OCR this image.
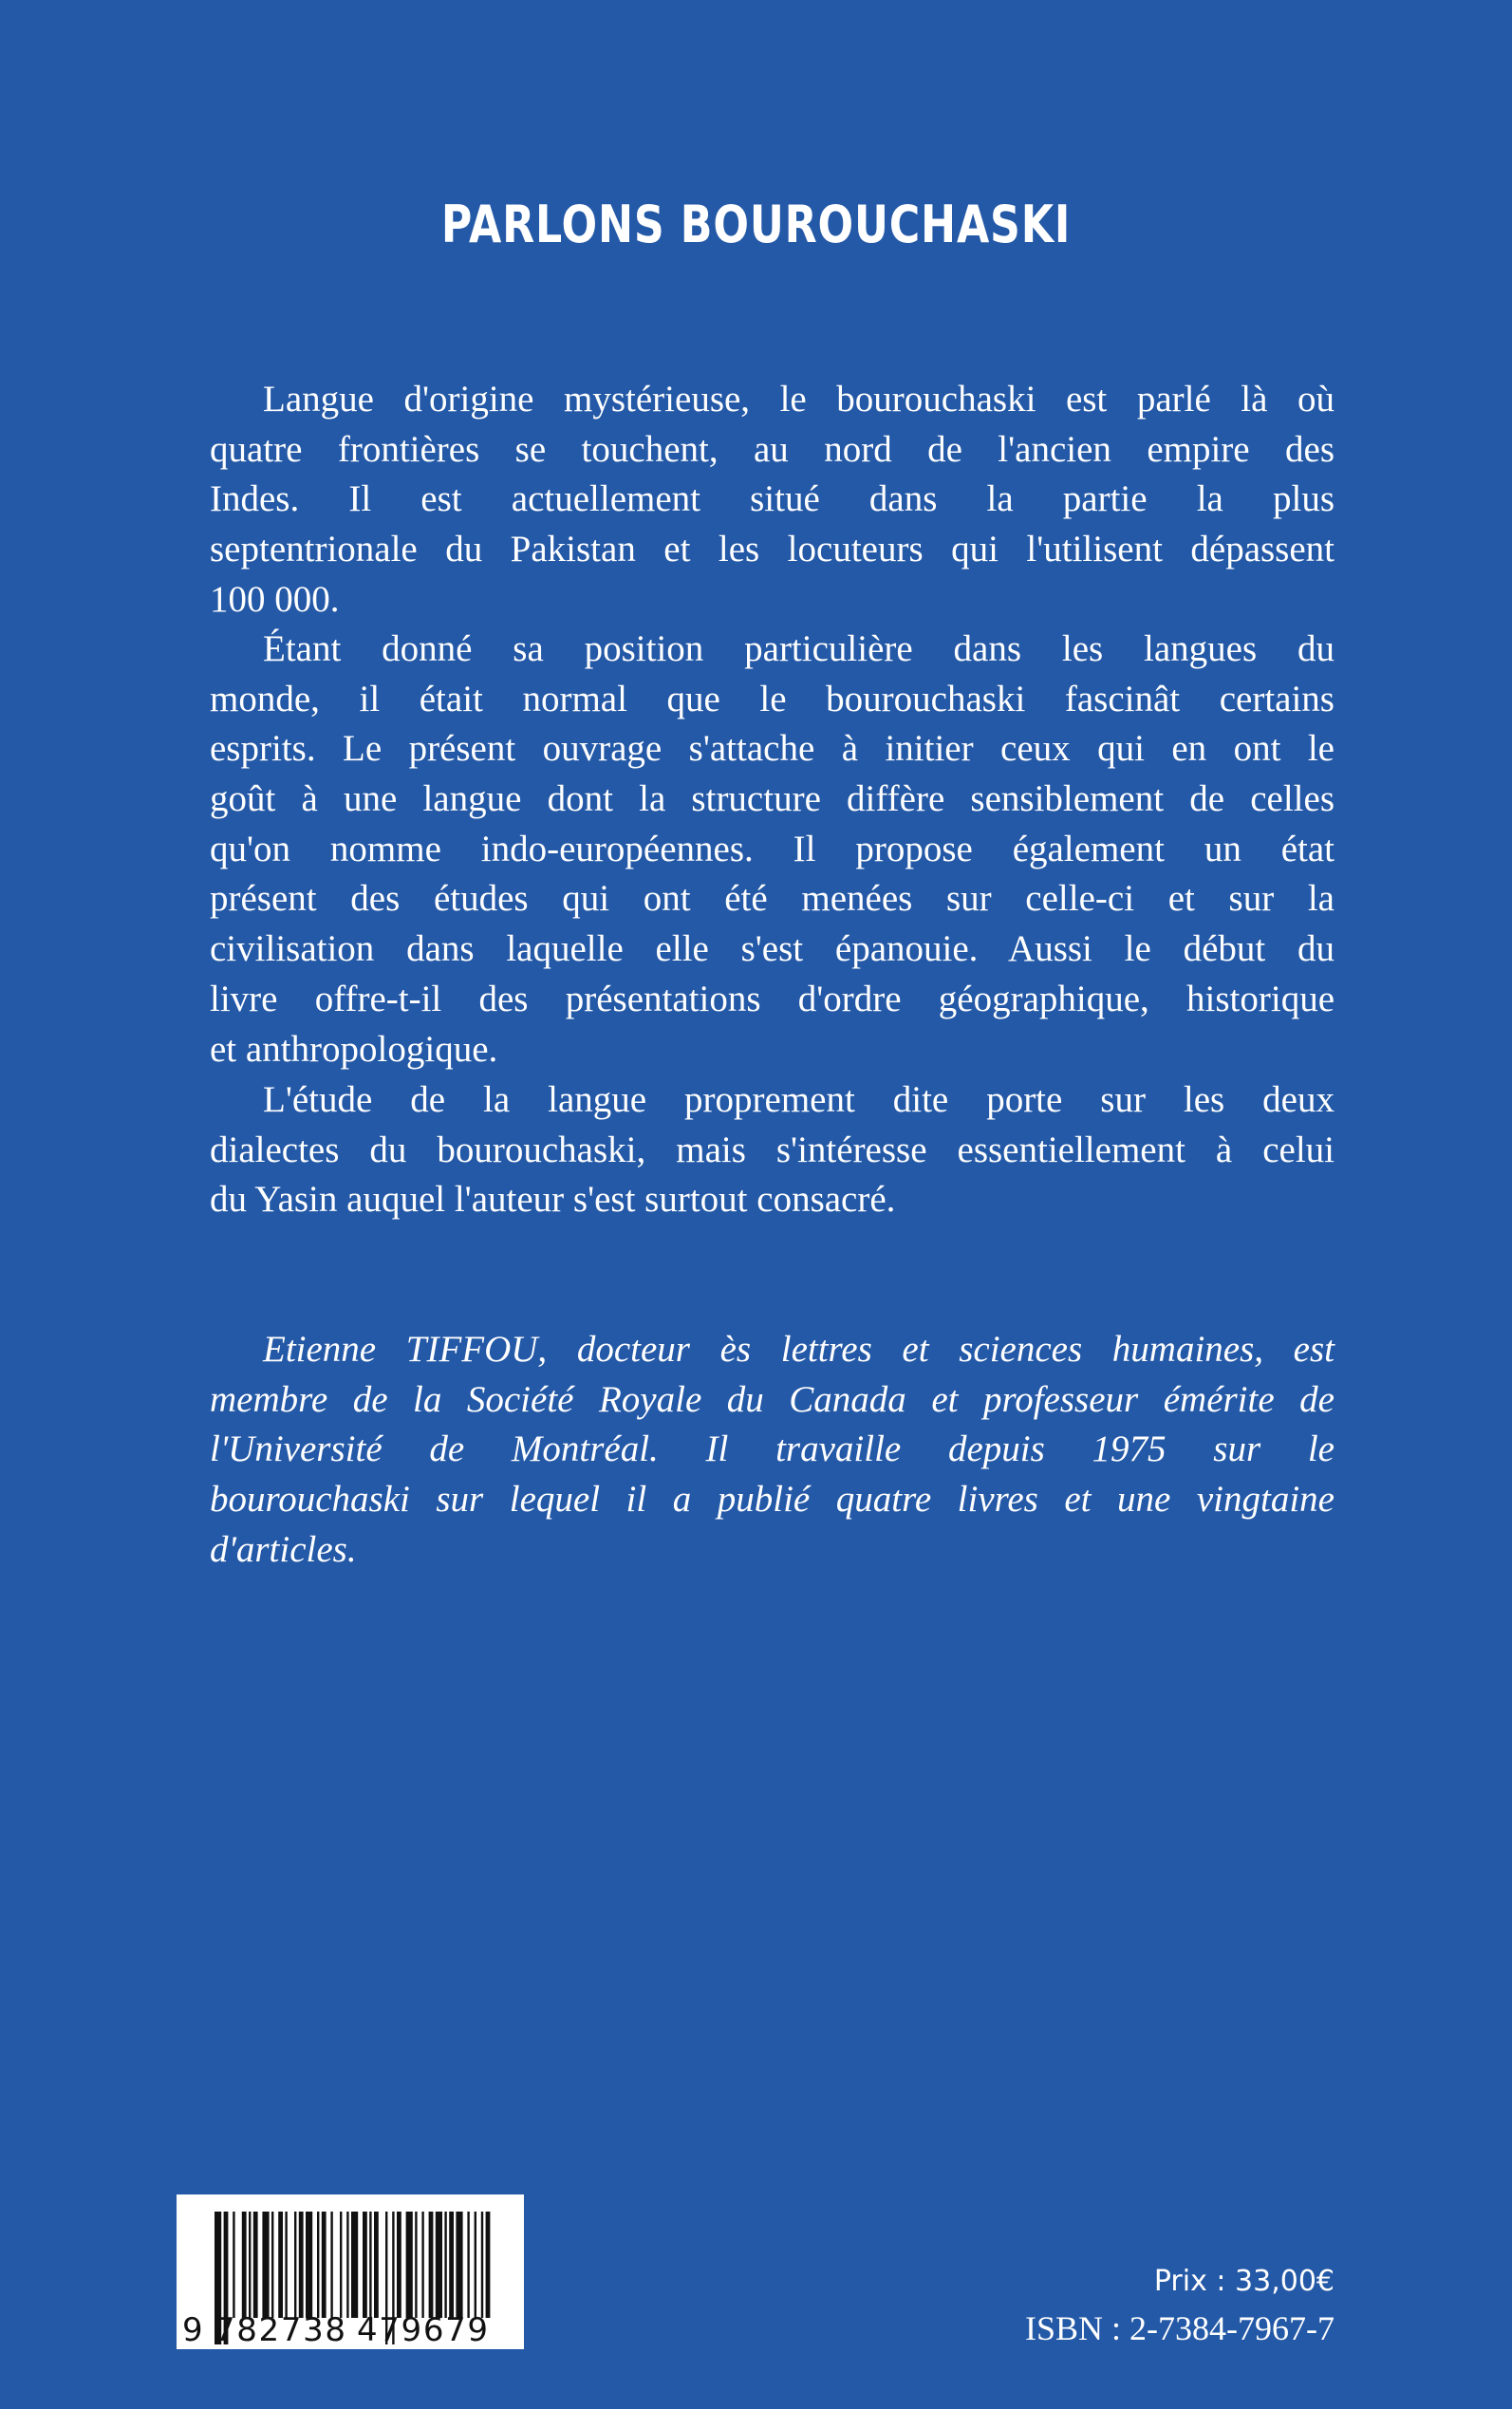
PARLONS BOUROUCHASKI
Langue d'origine mystérieuse, le bourouchaski est parlé là où
quatre frontières se touchent, au nord de l'ancien empire des
Indes. Il est actuellement situé dans la partie la plus
septentrionale du Pakistan et les locuteurs qui l'utilisent dépassent
100 000.
Étant donné sa position particulière dans les langues du
monde, il était normal que le bourouchaski fascinât certains
esprits. Le présent ouvrage s'attache à initier ceux qui en ont le
goût à une langue dont la structure diffère sensiblement de celles
qu'on nomme indo-européennes. Il propose également un état
présent des études qui ont été menées sur celle-ci et sur la
civilisation dans laquelle elle s'est épanouie. Aussi le début du
livre offre-t-il des présentations d'ordre géographique, historique
et anthropologique.
L'étude de la langue proprement dite porte sur les deux
dialectes du bourouchaski, mais s'intéresse essentiellement à celui
du Yasin auquel l'auteur s'est surtout consacré.
Etienne TIFFOU, docteur ès lettres et sciences humaines, est
membre de la Société Royale du Canada et professeur émérite de
l'Université de Montréal. Il travaille depuis 1975 sur le
bourouchaski sur lequel il a publié quatre livres et une vingtaine
d'articles.
9 782738 479679
Prix : 33,00€
ISBN : 2-7384-7967-7
